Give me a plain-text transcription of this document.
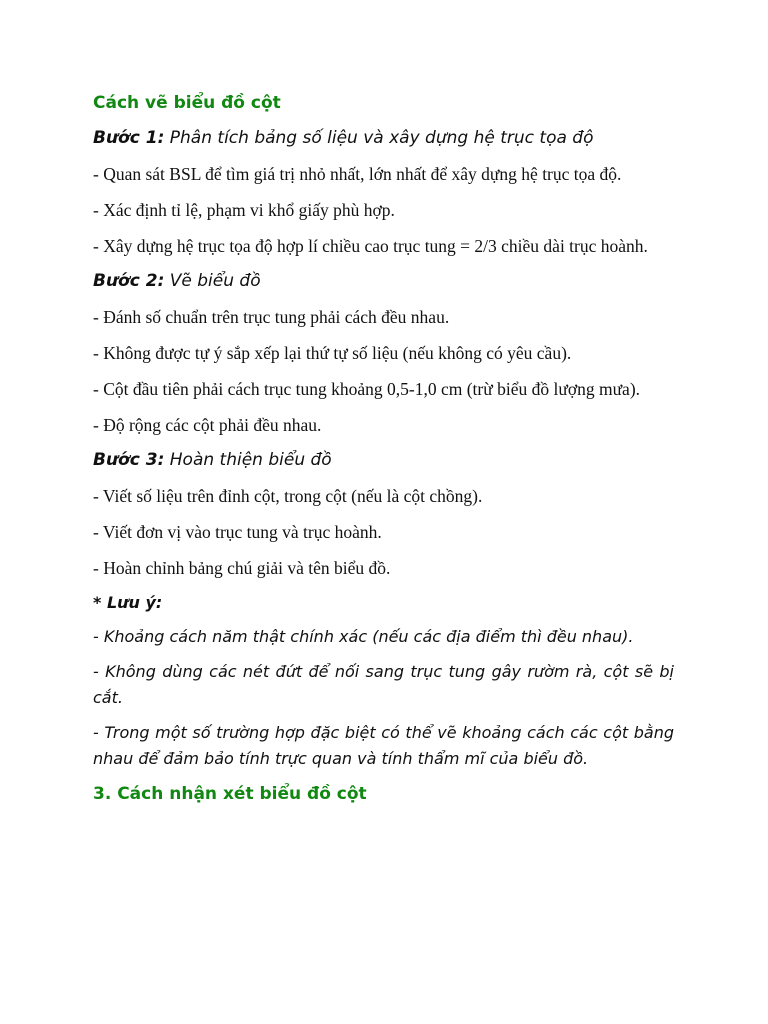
Cách vẽ biểu đồ cột
Bước 1: Phân tích bảng số liệu và xây dựng hệ trục tọa độ
- Quan sát BSL để tìm giá trị nhỏ nhất, lớn nhất để xây dựng hệ trục tọa độ.
- Xác định tỉ lệ, phạm vi khổ giấy phù hợp.
- Xây dựng hệ trục tọa độ hợp lí chiều cao trục tung = 2/3 chiều dài trục hoành.
Bước 2: Vẽ biểu đồ
- Đánh số chuẩn trên trục tung phải cách đều nhau.
- Không được tự ý sắp xếp lại thứ tự số liệu (nếu không có yêu cầu).
- Cột đầu tiên phải cách trục tung khoảng 0,5-1,0 cm (trừ biểu đồ lượng mưa).
- Độ rộng các cột phải đều nhau.
Bước 3: Hoàn thiện biểu đồ
- Viết số liệu trên đỉnh cột, trong cột (nếu là cột chồng).
- Viết đơn vị vào trục tung và trục hoành.
- Hoàn chỉnh bảng chú giải và tên biểu đồ.
* Lưu ý:
- Khoảng cách năm thật chính xác (nếu các địa điểm thì đều nhau).
- Không dùng các nét đứt để nối sang trục tung gây rườm rà, cột sẽ bị cắt.
- Trong một số trường hợp đặc biệt có thể vẽ khoảng cách các cột bằng nhau để đảm bảo tính trực quan và tính thẩm mĩ của biểu đồ.
3. Cách nhận xét biểu đồ cột
